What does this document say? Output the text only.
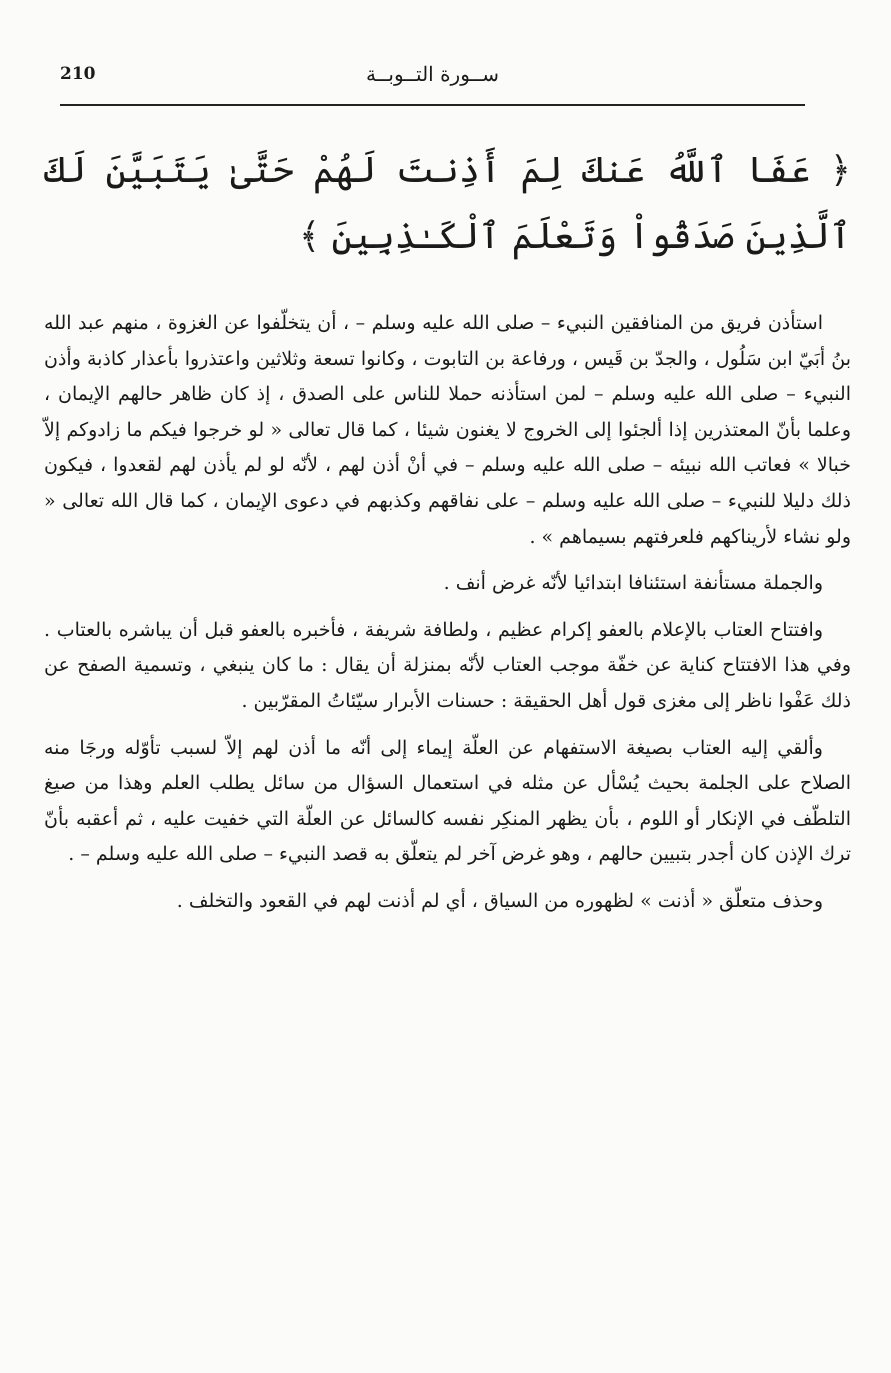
210	ســورة التــوبــة
﴿ عَفَا ٱللَّهُ عَنكَ لِمَ أَذِنتَ لَهُمْ حَتَّىٰ يَتَبَيَّنَ لَكَ ٱلَّذِينَ صَدَقُواْ وَتَعْلَمَ ٱلْكَـٰذِبِينَ ﴾

استأذن فريق من المنافقين النبيء – صلى الله عليه وسلم – ، أن يتخلّفوا عن الغزوة ، منهم عبد الله بنُ أبَيّ ابن سَلُول ، والجدّ بن قَيس ، ورفاعة بن التابوت ، وكانوا تسعة وثلاثين واعتذروا بأعذار كاذبة وأذن النبيء – صلى الله عليه وسلم – لمن استأذنه حملا للناس على الصدق ، إذ كان ظاهر حالهم الإيمان ، وعلما بأنّ المعتذرين إذا ألجئوا إلى الخروج لا يغنون شيئا ، كما قال تعالى « لو خرجوا فيكم ما زادوكم إلاّ خبالا » فعاتب الله نبيئه – صلى الله عليه وسلم – في أنْ أذن لهم ، لأنّه لو لم يأذن لهم لقعدوا ، فيكون ذلك دليلا للنبيء – صلى الله عليه وسلم – على نفاقهم وكذبهم في دعوى الإيمان ، كما قال الله تعالى « ولو نشاء لأريناكهم فلعرفتهم بسيماهم » .

والجملة مستأنفة استئنافا ابتدائيا لأنّه غرض أنف .

وافتتاح العتاب بالإعلام بالعفو إكرام عظيم ، ولطافة شريفة ، فأخبره بالعفو قبل أن يباشره بالعتاب . وفي هذا الافتتاح كناية عن خفّة موجب العتاب لأنّه بمنزلة أن يقال : ما كان ينبغي ، وتسمية الصفح عن ذلك عَفْوا ناظر إلى مغزى قول أهل الحقيقة : حسنات الأبرار سيّئاتُ المقرّبين .

وألقي إليه العتاب بصيغة الاستفهام عن العلّة إيماء إلى أنّه ما أذن لهم إلاّ لسبب تأوّله ورجَا منه الصلاح على الجلمة بحيث يُسْأل عن مثله في استعمال السؤال من سائل يطلب العلم وهذا من صيغ التلطّف في الإنكار أو اللوم ، بأن يظهر المنكِر نفسه كالسائل عن العلّة التي خفيت عليه ، ثم أعقبه بأنّ ترك الإذن كان أجدر بتبيين حالهم ، وهو غرض آخر لم يتعلّق به قصد النبيء – صلى الله عليه وسلم – .

وحذف متعلّق « أذنت » لظهوره من السياق ، أي لم أذنت لهم في القعود والتخلف .
